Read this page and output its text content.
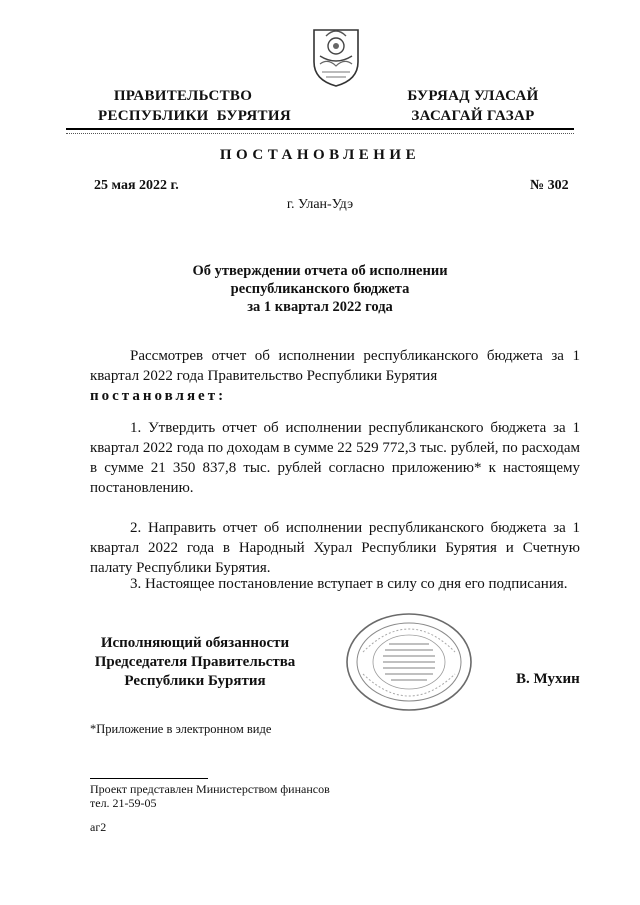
ПРАВИТЕЛЬСТВО
РЕСПУБЛИКИ  БУРЯТИЯ
БУРЯАД УЛАСАЙ
ЗАСАГАЙ ГАЗАР
ПОСТАНОВЛЕНИЕ
25 мая 2022 г.	№ 302
г. Улан-Удэ
Об утверждении отчета об исполнении
республиканского бюджета
за 1 квартал 2022 года
Рассмотрев отчет об исполнении республиканского бюджета за 1 квартал 2022 года Правительство Республики Бурятия
постановляет:
1. Утвердить отчет об исполнении республиканского бюджета за 1 квартал 2022 года по доходам в сумме 22 529 772,3 тыс. рублей, по расходам в сумме 21 350 837,8 тыс. рублей согласно приложению* к настоящему постановлению.
2. Направить отчет об исполнении республиканского бюджета за 1 квартал 2022 года в Народный Хурал Республики Бурятия и Счетную палату Республики Бурятия.
3. Настоящее постановление вступает в силу со дня его подписания.
Исполняющий обязанности
Председателя Правительства
Республики Бурятия	В. Мухин
*Приложение в электронном виде
Проект представлен Министерством финансов
тел. 21-59-05
аг2
